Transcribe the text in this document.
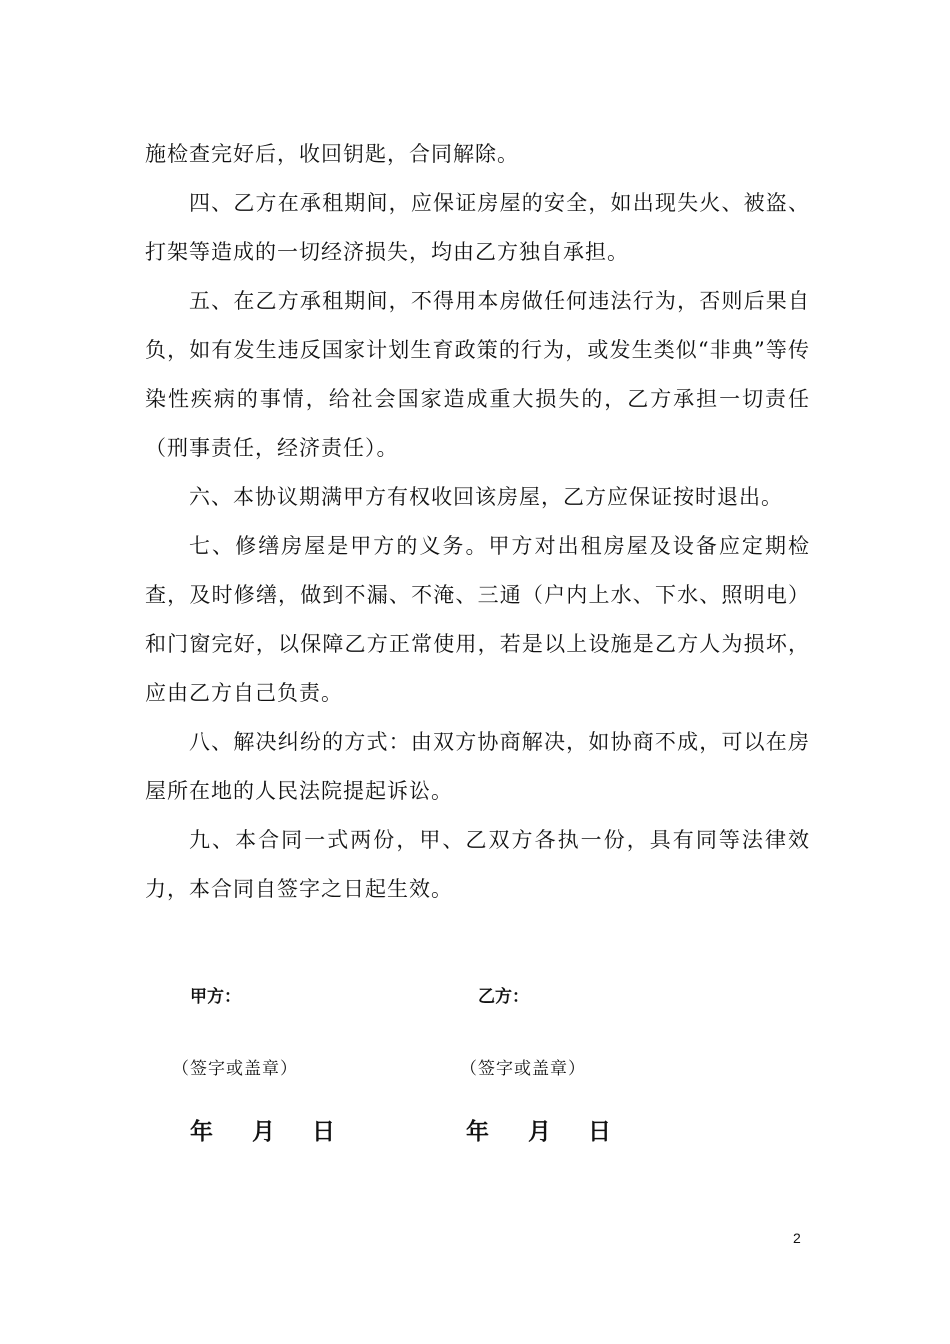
施检查完好后，收回钥匙，合同解除。

四、乙方在承租期间，应保证房屋的安全，如出现失火、被盗、打架等造成的一切经济损失，均由乙方独自承担。

五、在乙方承租期间，不得用本房做任何违法行为，否则后果自负，如有发生违反国家计划生育政策的行为，或发生类似“非典”等传染性疾病的事情，给社会国家造成重大损失的，乙方承担一切责任（刑事责任，经济责任）。

六、本协议期满甲方有权收回该房屋，乙方应保证按时退出。

七、修缮房屋是甲方的义务。甲方对出租房屋及设备应定期检查，及时修缮，做到不漏、不淹、三通（户内上水、下水、照明电）和门窗完好，以保障乙方正常使用，若是以上设施是乙方人为损坏，应由乙方自己负责。

八、解决纠纷的方式：由双方协商解决，如协商不成，可以在房屋所在地的人民法院提起诉讼。

九、本合同一式两份，甲、乙双方各执一份，具有同等法律效力，本合同自签字之日起生效。

甲方：
（签字或盖章）
年	月	日
乙方：
（签字或盖章）
年	月	日
2
